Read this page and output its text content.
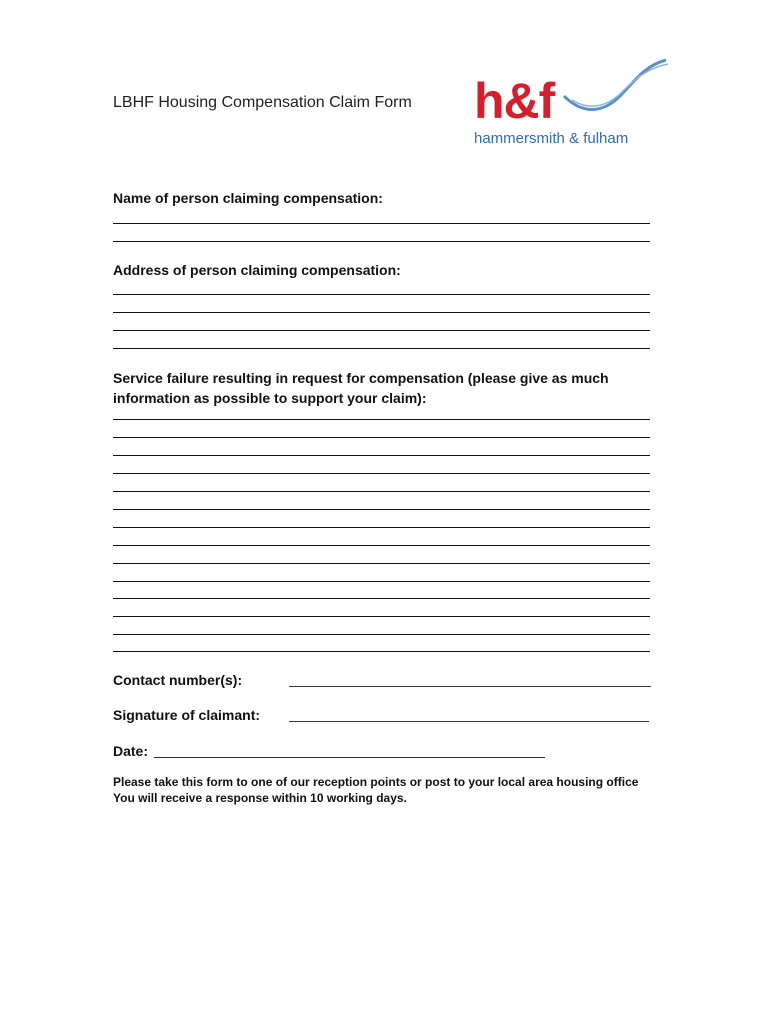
LBHF Housing Compensation Claim Form h&f
hammersmith & fulham
Name of person claiming compensation:
Address of person claiming compensation:
Service failure resulting in request for compensation (please give as much information as possible to support your claim):
Contact number(s):
Signature of claimant:
Date:
Please take this form to one of our reception points or post to your local area housing office You will receive a response within 10 working days.
